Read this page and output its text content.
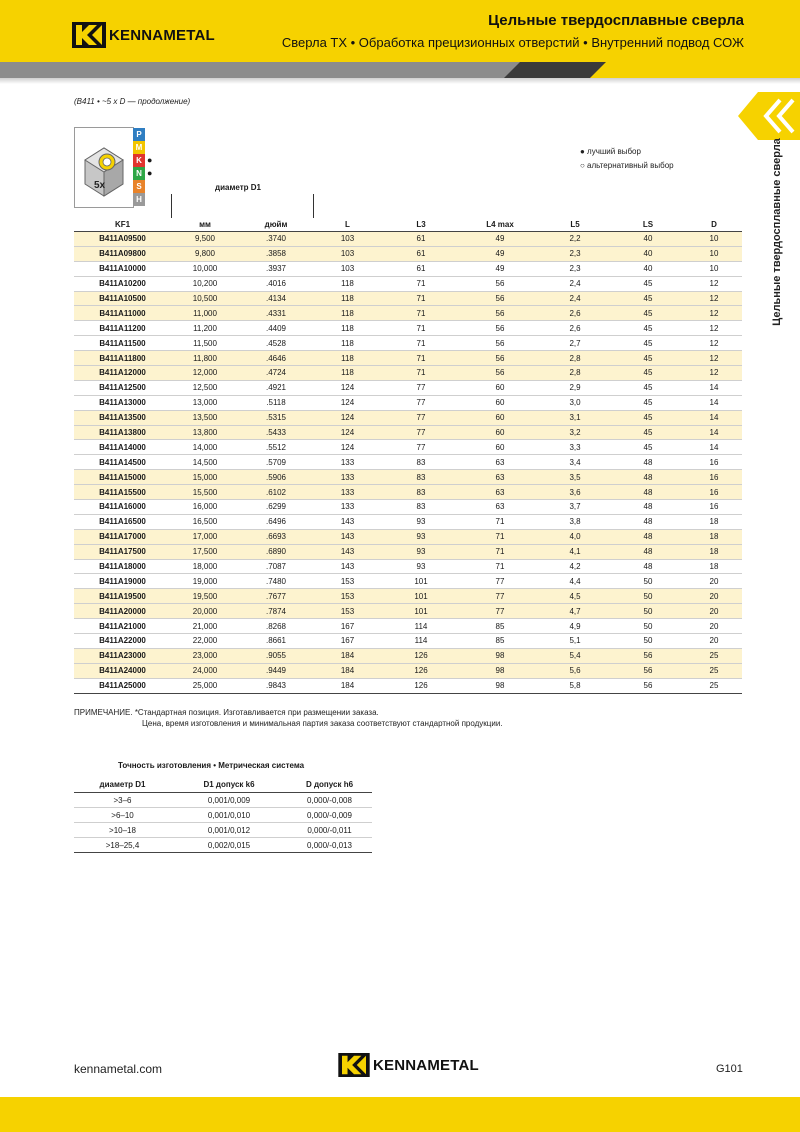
KENNAMETAL
Цельные твердосплавные сверла
Сверла TX • Обработка прецизионных отверстий • Внутренний подвод СОЖ
Цельные твердосплавные сверла
(B411 • ~5 x D — продолжение)
5x
P
M
K
N
S
H
●
●
● лучший выбор
○ альтернативный выбор
диаметр D1
KF1	мм	дюйм	L	L3	L4 max	L5	LS	D
B411A09500	9,500	.3740	103	61	49	2,2	40	10
B411A09800	9,800	.3858	103	61	49	2,3	40	10
B411A10000	10,000	.3937	103	61	49	2,3	40	10
B411A10200	10,200	.4016	118	71	56	2,4	45	12
B411A10500	10,500	.4134	118	71	56	2,4	45	12
B411A11000	11,000	.4331	118	71	56	2,6	45	12
B411A11200	11,200	.4409	118	71	56	2,6	45	12
B411A11500	11,500	.4528	118	71	56	2,7	45	12
B411A11800	11,800	.4646	118	71	56	2,8	45	12
B411A12000	12,000	.4724	118	71	56	2,8	45	12
B411A12500	12,500	.4921	124	77	60	2,9	45	14
B411A13000	13,000	.5118	124	77	60	3,0	45	14
B411A13500	13,500	.5315	124	77	60	3,1	45	14
B411A13800	13,800	.5433	124	77	60	3,2	45	14
B411A14000	14,000	.5512	124	77	60	3,3	45	14
B411A14500	14,500	.5709	133	83	63	3,4	48	16
B411A15000	15,000	.5906	133	83	63	3,5	48	16
B411A15500	15,500	.6102	133	83	63	3,6	48	16
B411A16000	16,000	.6299	133	83	63	3,7	48	16
B411A16500	16,500	.6496	143	93	71	3,8	48	18
B411A17000	17,000	.6693	143	93	71	4,0	48	18
B411A17500	17,500	.6890	143	93	71	4,1	48	18
B411A18000	18,000	.7087	143	93	71	4,2	48	18
B411A19000	19,000	.7480	153	101	77	4,4	50	20
B411A19500	19,500	.7677	153	101	77	4,5	50	20
B411A20000	20,000	.7874	153	101	77	4,7	50	20
B411A21000	21,000	.8268	167	114	85	4,9	50	20
B411A22000	22,000	.8661	167	114	85	5,1	50	20
B411A23000	23,000	.9055	184	126	98	5,4	56	25
B411A24000	24,000	.9449	184	126	98	5,6	56	25
B411A25000	25,000	.9843	184	126	98	5,8	56	25
ПРИМЕЧАНИЕ. *Стандартная позиция. Изготавливается при размещении заказа.
Цена, время изготовления и минимальная партия заказа соответствуют стандартной продукции.
Точность изготовления • Метрическая система
диаметр D1	D1 допуск k6	D допуск h6
>3–6	0,001/0,009	0,000/-0,008
>6–10	0,001/0,010	0,000/-0,009
>10–18	0,001/0,012	0,000/-0,011
>18–25,4	0,002/0,015	0,000/-0,013
kennametal.com	KENNAMETAL	G101
